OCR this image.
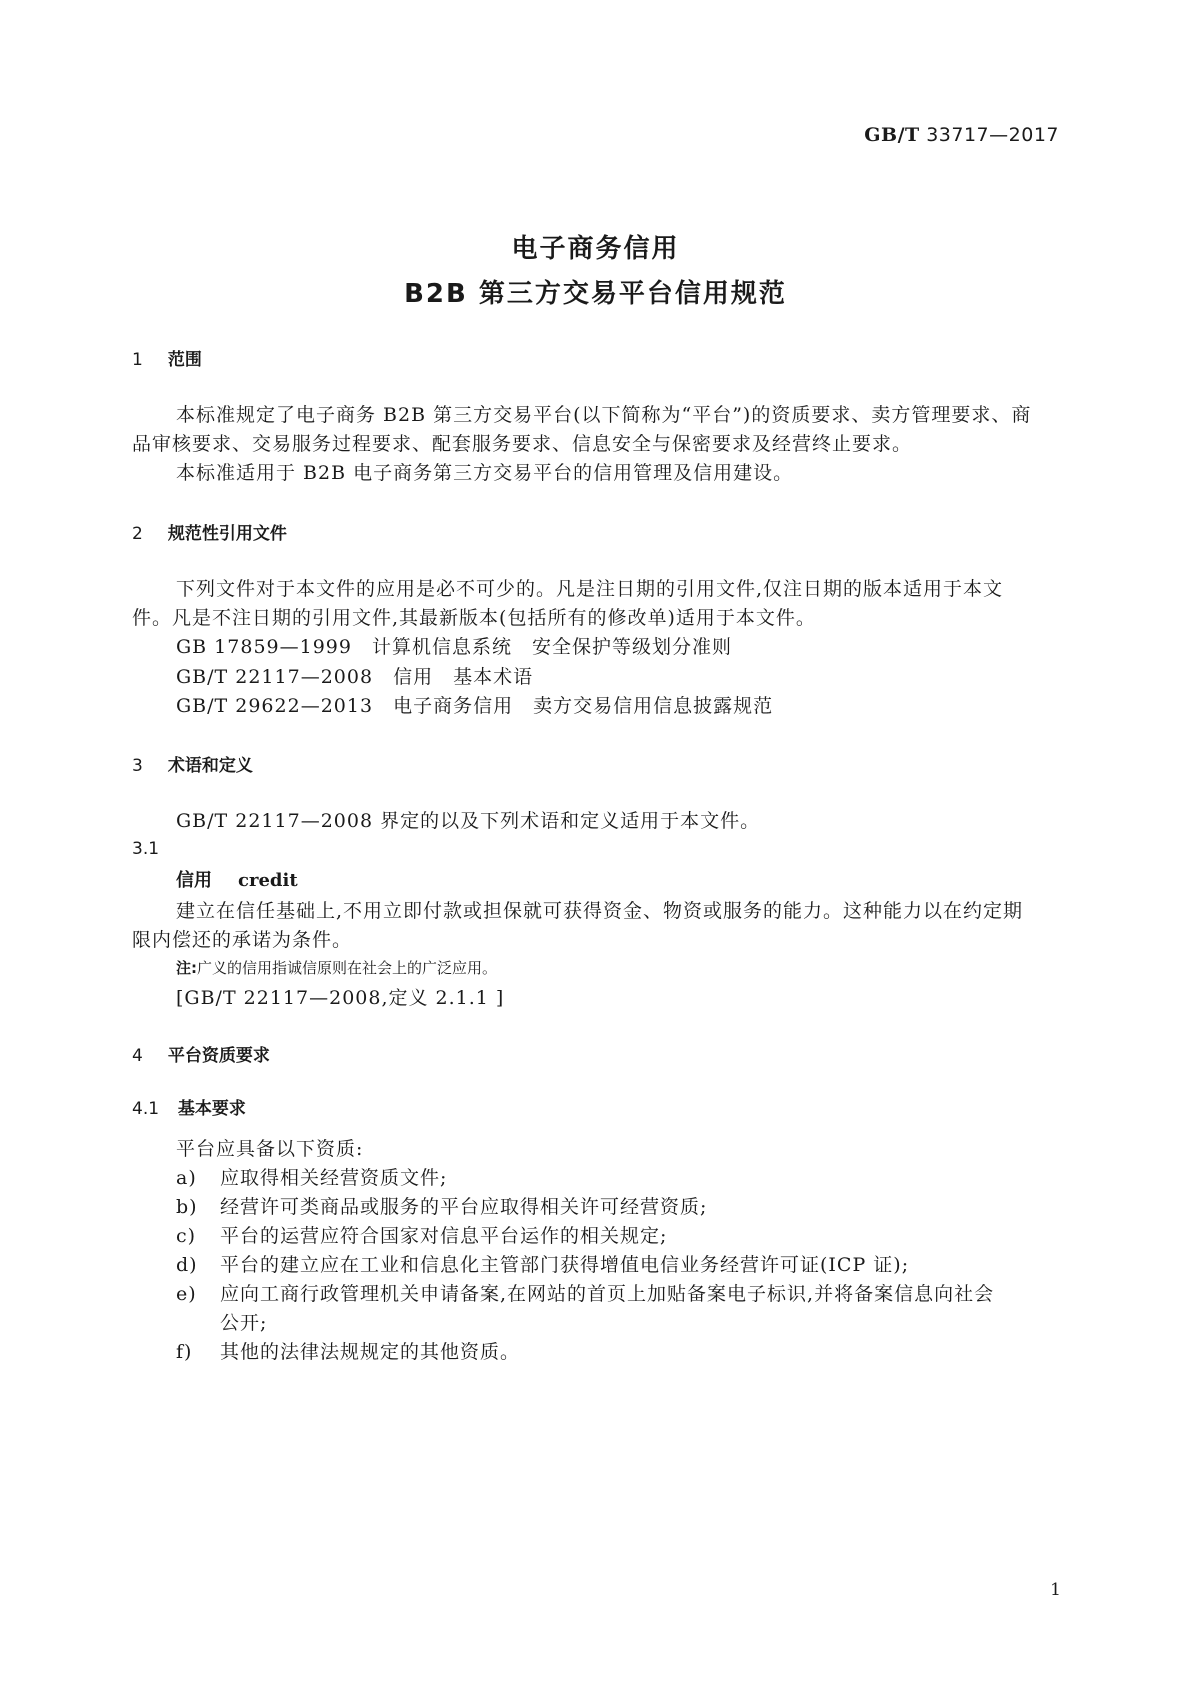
GB/T 33717—2017
电子商务信用
B2B 第三方交易平台信用规范
1 范围
本标准规定了电子商务 B2B 第三方交易平台(以下简称为“平台”)的资质要求、卖方管理要求、商
品审核要求、交易服务过程要求、配套服务要求、信息安全与保密要求及经营终止要求。
本标准适用于 B2B 电子商务第三方交易平台的信用管理及信用建设。
2 规范性引用文件
下列文件对于本文件的应用是必不可少的。凡是注日期的引用文件,仅注日期的版本适用于本文
件。凡是不注日期的引用文件,其最新版本(包括所有的修改单)适用于本文件。
GB 17859—1999 计算机信息系统 安全保护等级划分准则
GB/T 22117—2008 信用 基本术语
GB/T 29622—2013 电子商务信用 卖方交易信用信息披露规范
3 术语和定义
GB/T 22117—2008 界定的以及下列术语和定义适用于本文件。
3.1
信用 credit
建立在信任基础上,不用立即付款或担保就可获得资金、物资或服务的能力。这种能力以在约定期
限内偿还的承诺为条件。
注:广义的信用指诚信原则在社会上的广泛应用。
[GB/T 22117—2008,定义 2.1.1 ]
4 平台资质要求
4.1 基本要求
平台应具备以下资质:
a) 应取得相关经营资质文件;
b) 经营许可类商品或服务的平台应取得相关许可经营资质;
c) 平台的运营应符合国家对信息平台运作的相关规定;
d) 平台的建立应在工业和信息化主管部门获得增值电信业务经营许可证(ICP 证);
e) 应向工商行政管理机关申请备案,在网站的首页上加贴备案电子标识,并将备案信息向社会
公开;
f) 其他的法律法规规定的其他资质。
1
